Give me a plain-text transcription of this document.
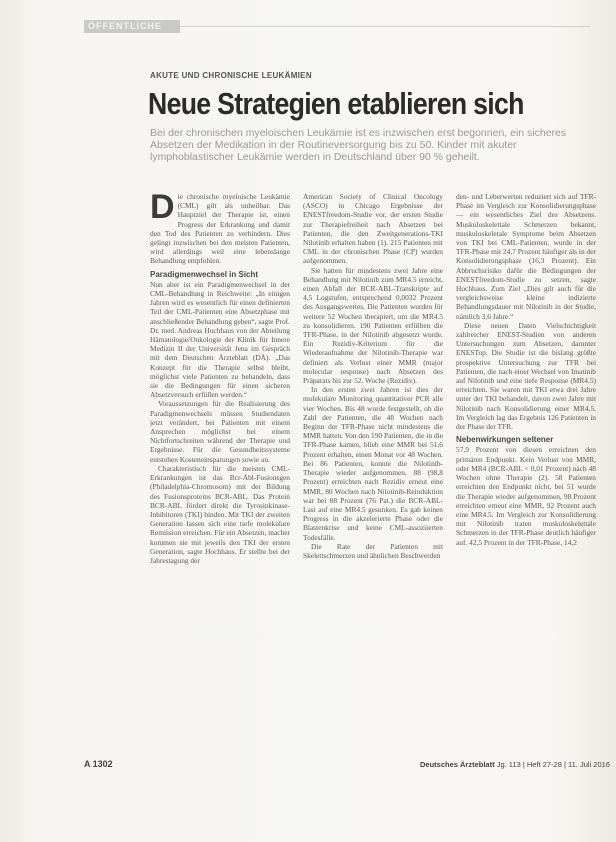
ÖFFENTLICHE
AKUTE UND CHRONISCHE LEUKÄMIEN
Neue Strategien etablieren sich
Bei der chronischen myeloischen Leukämie ist es inzwischen erst begonnen, ein sicheres Absetzen der Medikation in der Routineversorgung bis zu 50. Kinder mit akuter lymphoblastischer Leukämie werden in Deutschland über 90 % geheilt.

Die chronische myeloische Leukämie (CML) gilt als unheilbar. Das Hauptziel der Therapie ist, einen Progress der Erkrankung und damit den Tod des Patienten zu verhindern. Dies gelingt inzwischen bei den meisten Patienten, wird allerdings weil eine lebenslange Behandlung empfohlen.

Paradigmenwechsel in Sicht

Nun aber ist ein Paradigmenwechsel in der CML-Behandlung in Reichweite: „In einigen Jahren wird es wesentlich für einen definierten Teil der CML-Patienten eine Absetzphase mit anschließender Behandlung geben“, sagte Prof. Dr. med. Andreas Hochhaus von der Abteilung Hämatologie/Onkologie der Klinik für Innere Medizin II der Universität Jena im Gespräch mit dem Deutschen Ärzteblatt (DÄ). „Das Konzept für die Therapie selbst bleibt, möglichst viele Patienten zu behandeln, dass sie die Bedingungen für einen sicheren Absetzversuch erfüllen werden.“

Voraussetzungen für die Realisierung des Paradigmenwechsels müssen Studiendaten jetzt verändert, bei Patienten mit einem Ansprechen möglichst bei einem Nichtfortschreiten während der Therapie und Ergebnisse. Für die Gesundheitssysteme entstehen Kosteneinsparungen sowie an.

Charakteristisch für die meisten CML-Erkrankungen ist das Bcr-Abl-Fusionsgen (Philadelphia-Chromosom) mit der Bildung des Fusionsproteins BCR-ABL. Das Protein BCR-ABL fördert direkt die Tyrosinkinase-Inhibitoren (TKI) binden. Mit TKI der zweiten Generation lassen sich eine tiefe molekulare Remission erreichen. Für ein Absetzen, macher kommen sie mit jeweils den TKI der ersten Generation, sagte Hochhaus. Er stellte bei der Jahrestagung der

American Society of Clinical Oncology (ASCO) in Chicago Ergebnisse der ENESTfreedom-Studie vor, der ersten Studie zur Therapiefreiheit nach Absetzen bei Patienten, die den Zweitgenerations-TKI Nilotinib erhalten haben (1). 215 Patienten mit CML in der chronischen Phase (CP) wurden aufgenommen.

Sie hatten für mindestens zwei Jahre eine Behandlung mit Nilotinib zum MR4.5 erreicht, einen Abfall der BCR-ABL-Transkripte auf 4,5 Logstufen, entsprechend 0,0032 Prozent des Ausgangswertes. Die Patienten wurden für weitere 52 Wochen therapiert, um die MR4.5 zu konsolidieren. 190 Patienten erfüllten die TFR-Phase, in der Nilotinib abgesetzt wurde. Ein Rezidiv-Kriterium für die Wiederaufnahme der Nilotinib-Therapie war definiert als Verlust einer MMR (major molecular response) nach Absetzen des Präparats bis zur 52. Woche (Rezidiv).

In den ersten zwei Jahren ist dies der molekulare Monitoring quantitativer PCR alle vier Wochen. Bis 48 wurde festgestellt, ob die Zahl der Patienten, die 48 Wochen nach Beginn der TFR-Phase nicht mindestens die MMR hatten. Von den 190 Patienten, die in die TFR-Phase kamen, blieb eine MMR bei 51,6 Prozent erhalten, einen Monat vor 48 Wochen. Bei 86 Patienten, konnte die Nilotinib-Therapie wieder aufgenommen, 88 (98,8 Prozent) erreichten nach Rezidiv erneut eine MMR, 80 Wochen nach Nilotinib-Reinduktion war bei 88 Prozent (76 Pat.) die BCR-ABL-Last auf eine MR4.5 gesunken. Es gab keinen Progress in die akzelerierte Phase oder die Blastenkrise und keine CML-assoziierten Todesfälle.

Die Rate der Patienten mit Skelettschmerzen und ähnlichen Beschwerden

den- und Leberwerten reduziert sich auf TFR-Phase im Vergleich zur Konsolidierungsphase — ein wesentliches Ziel des Absetzens. Muskuloskelettale Schmerzen bekannt, muskuloskeletale Symptome beim Absetzen von TKI bei CML-Patienten, wurde in der TFR-Phase mit 24,7 Prozent häufiger als in der Konsolidierungsphase (16,3 Prozent). Ein Abbruchsrisiko dafür die Bedingungen der ENESTfreedom-Studie zu setzen, sagte Hochhaus. Zum Ziel „Dies gilt auch für die vergleichsweise kleine indizierte Behandlungsdauer mit Nilotinib in der Studie, nämlich 3,6 Jahre.“

Diese neuen Daten Vielschichtigkeit zahlreicher ENEST-Studien von anderen Untersuchungen zum Absetzen, darunter ENESTop. Die Studie ist die bislang größte prospektive Untersuchung zur TFR bei Patienten, die nach einer Wechsel von Imatinib auf Nilotinib und eine tiefe Response (MR4.5) erreichten. Sie waren mit TKI etwa drei Jahre unter der TKI behandelt, davon zwei Jahre mit Nilotinib nach Konsolidierung einer MR4.5. Im Vergleich lag das Ergebnis 126 Patienten in der Phase der TFR.

Nebenwirkungen seltener

57,9 Prozent von diesen erreichten den primären Endpunkt. Kein Verlust von MMR, oder MR4 (BCR-ABL < 0,01 Prozent) nach 48 Wochen ohne Therapie (2). 58 Patienten erreichten den Endpunkt nicht, bei 51 wurde die Therapie wieder aufgenommen, 98 Prozent erreichten erneut eine MMR, 92 Prozent auch eine MR4.5. Im Vergleich zur Konsolidierung mit Nilotinib traten muskuloskelettale Schmerzen in der TFR-Phase deutlich häufiger auf. 42,5 Prozent in der TFR-Phase, 14,2

A 1302	Deutsches Ärzteblatt Jg. 113 | Heft 27-28 | 11. Juli 2016
